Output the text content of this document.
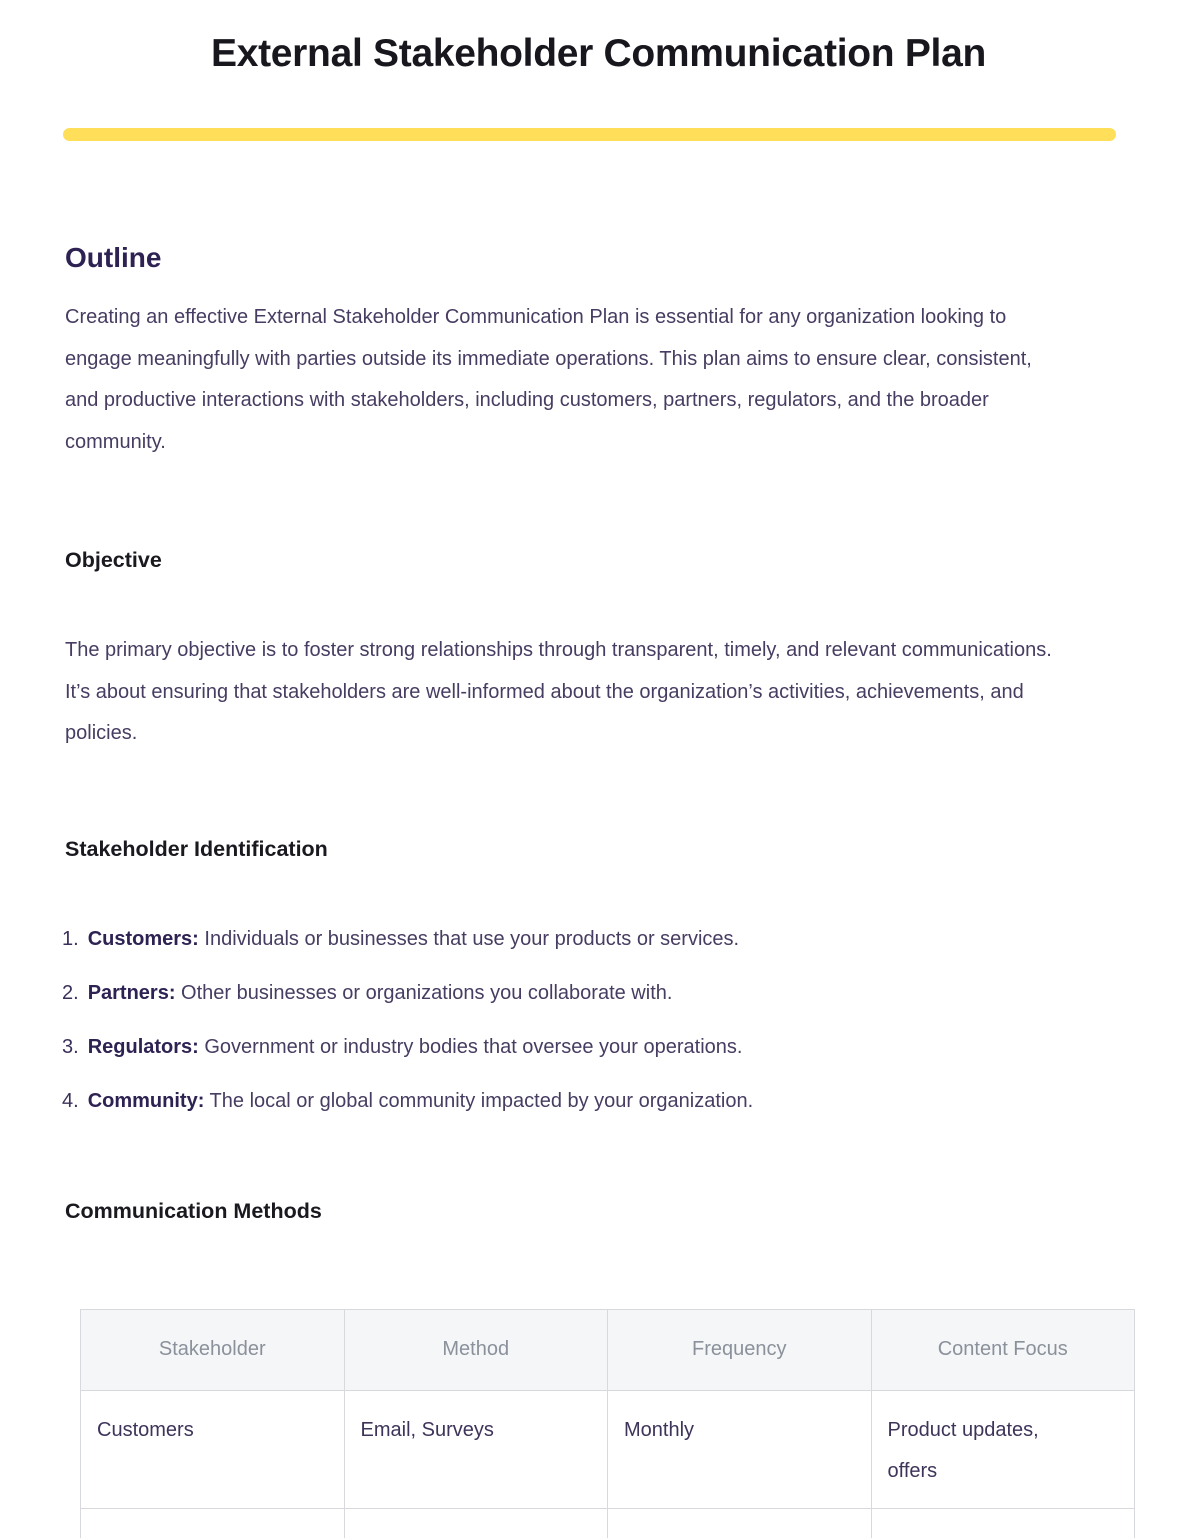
External Stakeholder Communication Plan
Outline

Creating an effective External Stakeholder Communication Plan is essential for any organization looking to engage meaningfully with parties outside its immediate operations. This plan aims to ensure clear, consistent, and productive interactions with stakeholders, including customers, partners, regulators, and the broader community.

Objective

The primary objective is to foster strong relationships through transparent, timely, and relevant communications. It’s about ensuring that stakeholders are well-informed about the organization’s activities, achievements, and policies.

Stakeholder Identification
1. Customers: Individuals or businesses that use your products or services.
2. Partners: Other businesses or organizations you collaborate with.
3. Regulators: Government or industry bodies that oversee your operations.
4. Community: The local or global community impacted by your organization.
Communication Methods
Stakeholder	Method	Frequency	Content Focus
Customers	Email, Surveys	Monthly	Product updates, offers
